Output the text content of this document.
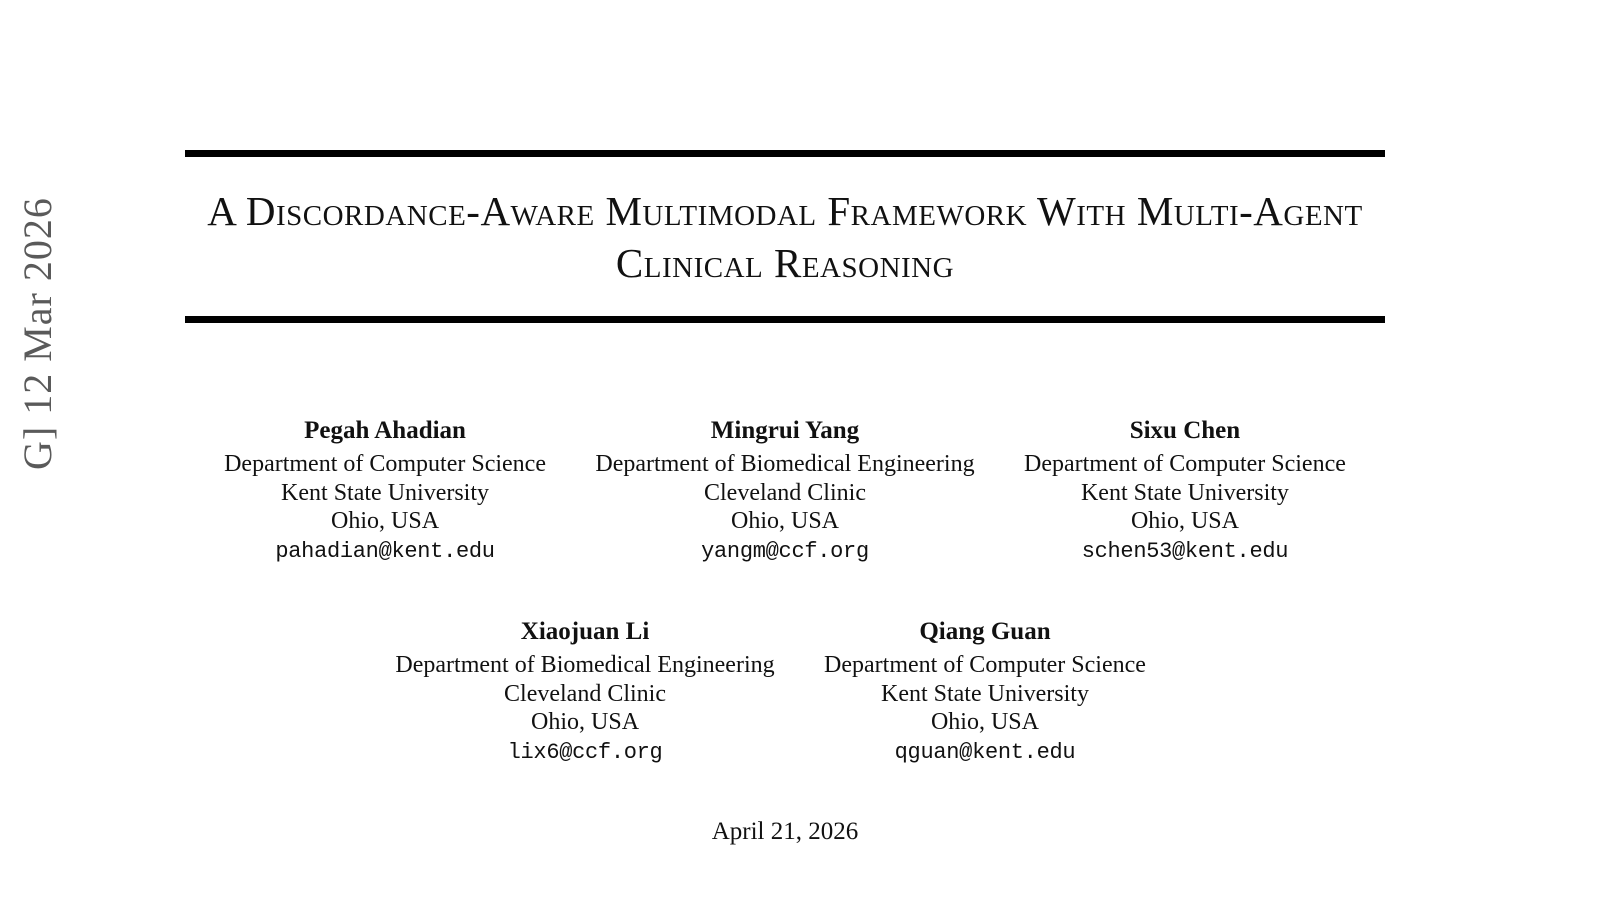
G] 12 Mar 2026	A Discordance-Aware Multimodal Framework With Multi-Agent Clinical Reasoning
Pegah Ahadian
Department of Computer Science
Kent State University
Ohio, USA
pahadian@kent.edu
Mingrui Yang
Department of Biomedical Engineering
Cleveland Clinic
Ohio, USA
yangm@ccf.org
Sixu Chen
Department of Computer Science
Kent State University
Ohio, USA
schen53@kent.edu
Xiaojuan Li
Department of Biomedical Engineering
Cleveland Clinic
Ohio, USA
lix6@ccf.org
Qiang Guan
Department of Computer Science
Kent State University
Ohio, USA
qguan@kent.edu
April 21, 2026
